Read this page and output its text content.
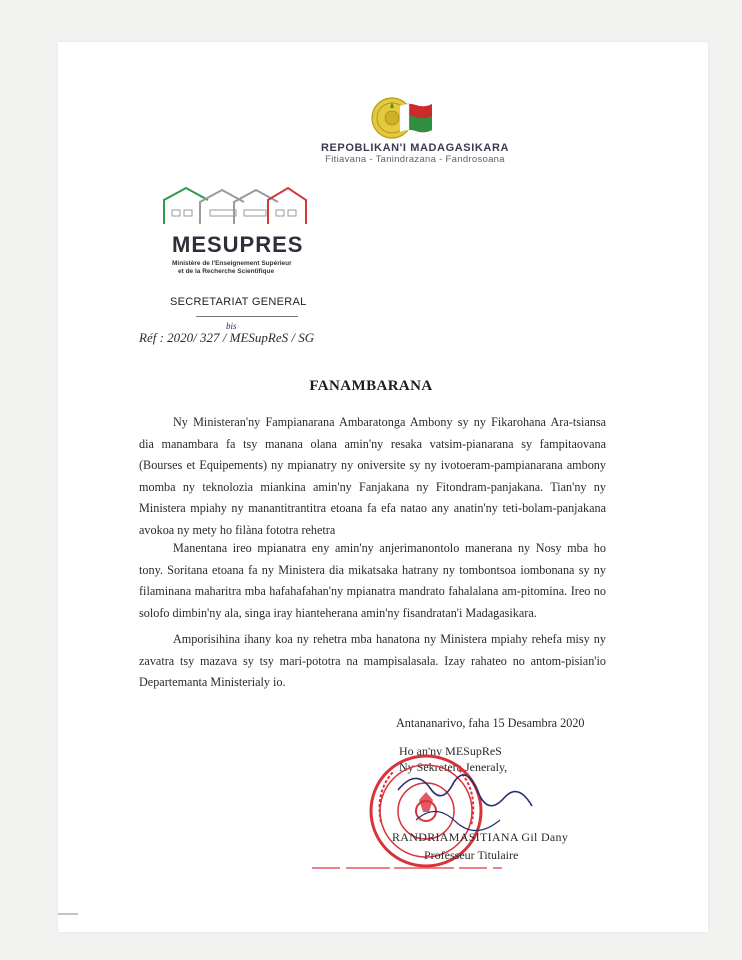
REPOBLIKAN'I MADAGASIKARA
Fitiavana - Tanindrazana - Fandrosoana
MESUPRES
Ministère de l'Enseignement Supérieur
et de la Recherche Scientifique
SECRETARIAT GENERAL
Réf : 2020/ 327 / MESupReS / SG
bis
FANAMBARANA
Ny Ministeran'ny Fampianarana Ambaratonga Ambony sy ny Fikarohana Ara-tsiansa dia manambara fa tsy manana olana amin'ny resaka vatsim-pianarana sy fampitaovana (Bourses et Equipements) ny mpianatry ny oniversite sy ny ivotoeram-pampianarana ambony momba ny teknolozia miankina amin'ny Fanjakana ny Fitondram-panjakana. Tian'ny ny Ministera mpiahy ny manantitrantitra etoana fa efa natao any anatin'ny teti-bolam-panjakana avokoa ny mety ho filàna fototra rehetra
Manentana ireo mpianatra eny amin'ny anjerimanontolo manerana ny Nosy mba ho tony. Soritana etoana fa ny Ministera dia mikatsaka hatrany ny tombontsoa iombonana sy ny filaminana maharitra mba hafahafahan'ny mpianatra mandrato fahalalana am-pitomina. Ireo no solofo dimbin'ny ala, singa iray hianteherana amin'ny fisandratan'i Madagasikara.
Amporisihina ihany koa ny rehetra mba hanatona ny Ministera mpiahy rehefa misy ny zavatra tsy mazava sy tsy mari-pototra na mampisalasala. Izay rahateo no antom-pisian'io Departemanta Ministerialy io.
Antananarivo, faha 15 Desambra 2020
Ho an'ny MESupReS
Ny Sekretera Jeneraly,
RANDRIAMASITIANA Gil Dany
Professeur Titulaire
